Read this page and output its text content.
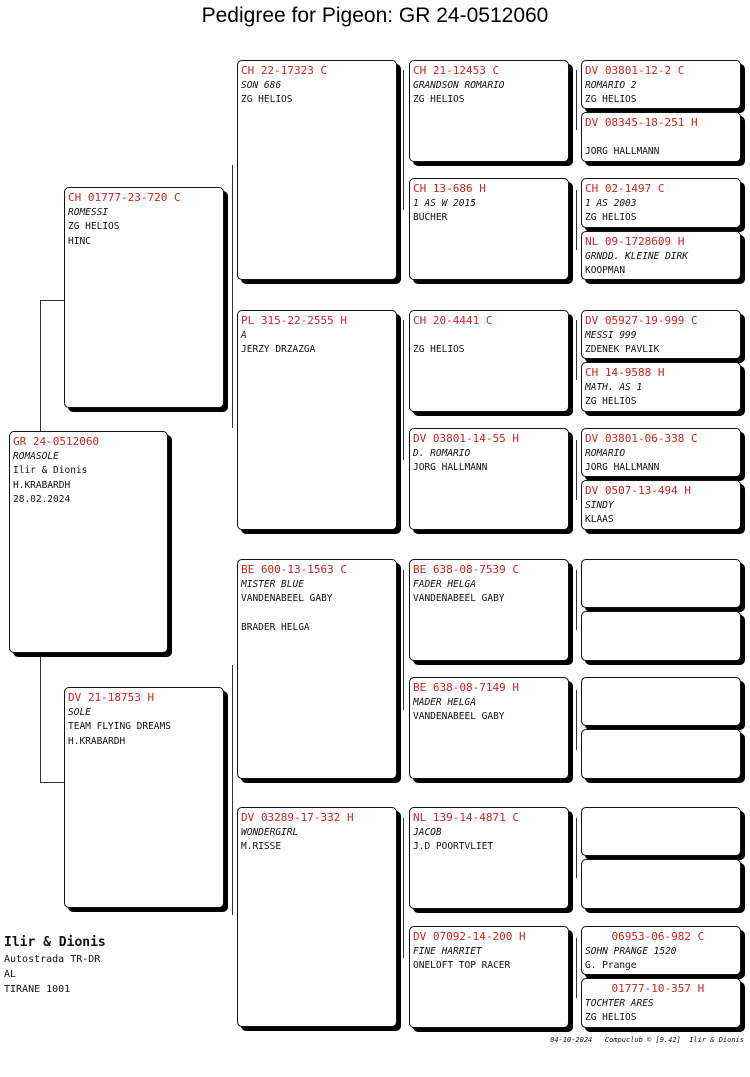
Pedigree for Pigeon: GR 24-0512060
GR 24-0512060
ROMASOLE
Ilir & Dionis
H.KRABARDH
28.02.2024
CH 01777-23-720 C
ROMESSI
ZG HELIOS
HINC
DV 21-18753 H
SOLE
TEAM FLYING DREAMS
H.KRABARDH
CH 22-17323 C
SON 686
ZG HELIOS
PL 315-22-2555 H
A
JERZY DRZAZGA
BE 600-13-1563 C
MISTER BLUE
VANDENABEEL GABY
BRADER HELGA
DV 03289-17-332 H
WONDERGIRL
M.RISSE
CH 21-12453 C
GRANDSON ROMARIO
ZG HELIOS
CH 13-686 H
1 AS W 2015
BUCHER
CH 20-4441 C
ZG HELIOS
DV 03801-14-55 H
D. ROMARIO
JORG HALLMANN
BE 638-08-7539 C
FADER HELGA
VANDENABEEL GABY
BE 638-08-7149 H
MADER HELGA
VANDENABEEL GABY
NL 139-14-4871 C
JACOB
J.D POORTVLIET
DV 07092-14-200 H
FINE HARRIET
ONELOFT TOP RACER
DV 03801-12-2 C
ROMARIO 2
ZG HELIOS
DV 08345-18-251 H
JORG HALLMANN
CH 02-1497 C
1 AS 2003
ZG HELIOS
NL 09-1728609 H
GRNDD. KLEINE DIRK
KOOPMAN
DV 05927-19-999 C
MESSI 999
ZDENEK PAVLIK
CH 14-9588 H
MATH. AS 1
ZG HELIOS
DV 03801-06-338 C
ROMARIO
JORG HALLMANN
DV 0507-13-494 H
SINDY
KLAAS
06953-06-982 C
SOHN PRANGE 1520
G. Prange
01777-10-357 H
TOCHTER ARES
ZG HELIOS
Ilir & Dionis
Autostrada TR-DR
AL
TIRANE 1001
04-10-2024   Compuclub © [9.42]  Ilir & Dionis
